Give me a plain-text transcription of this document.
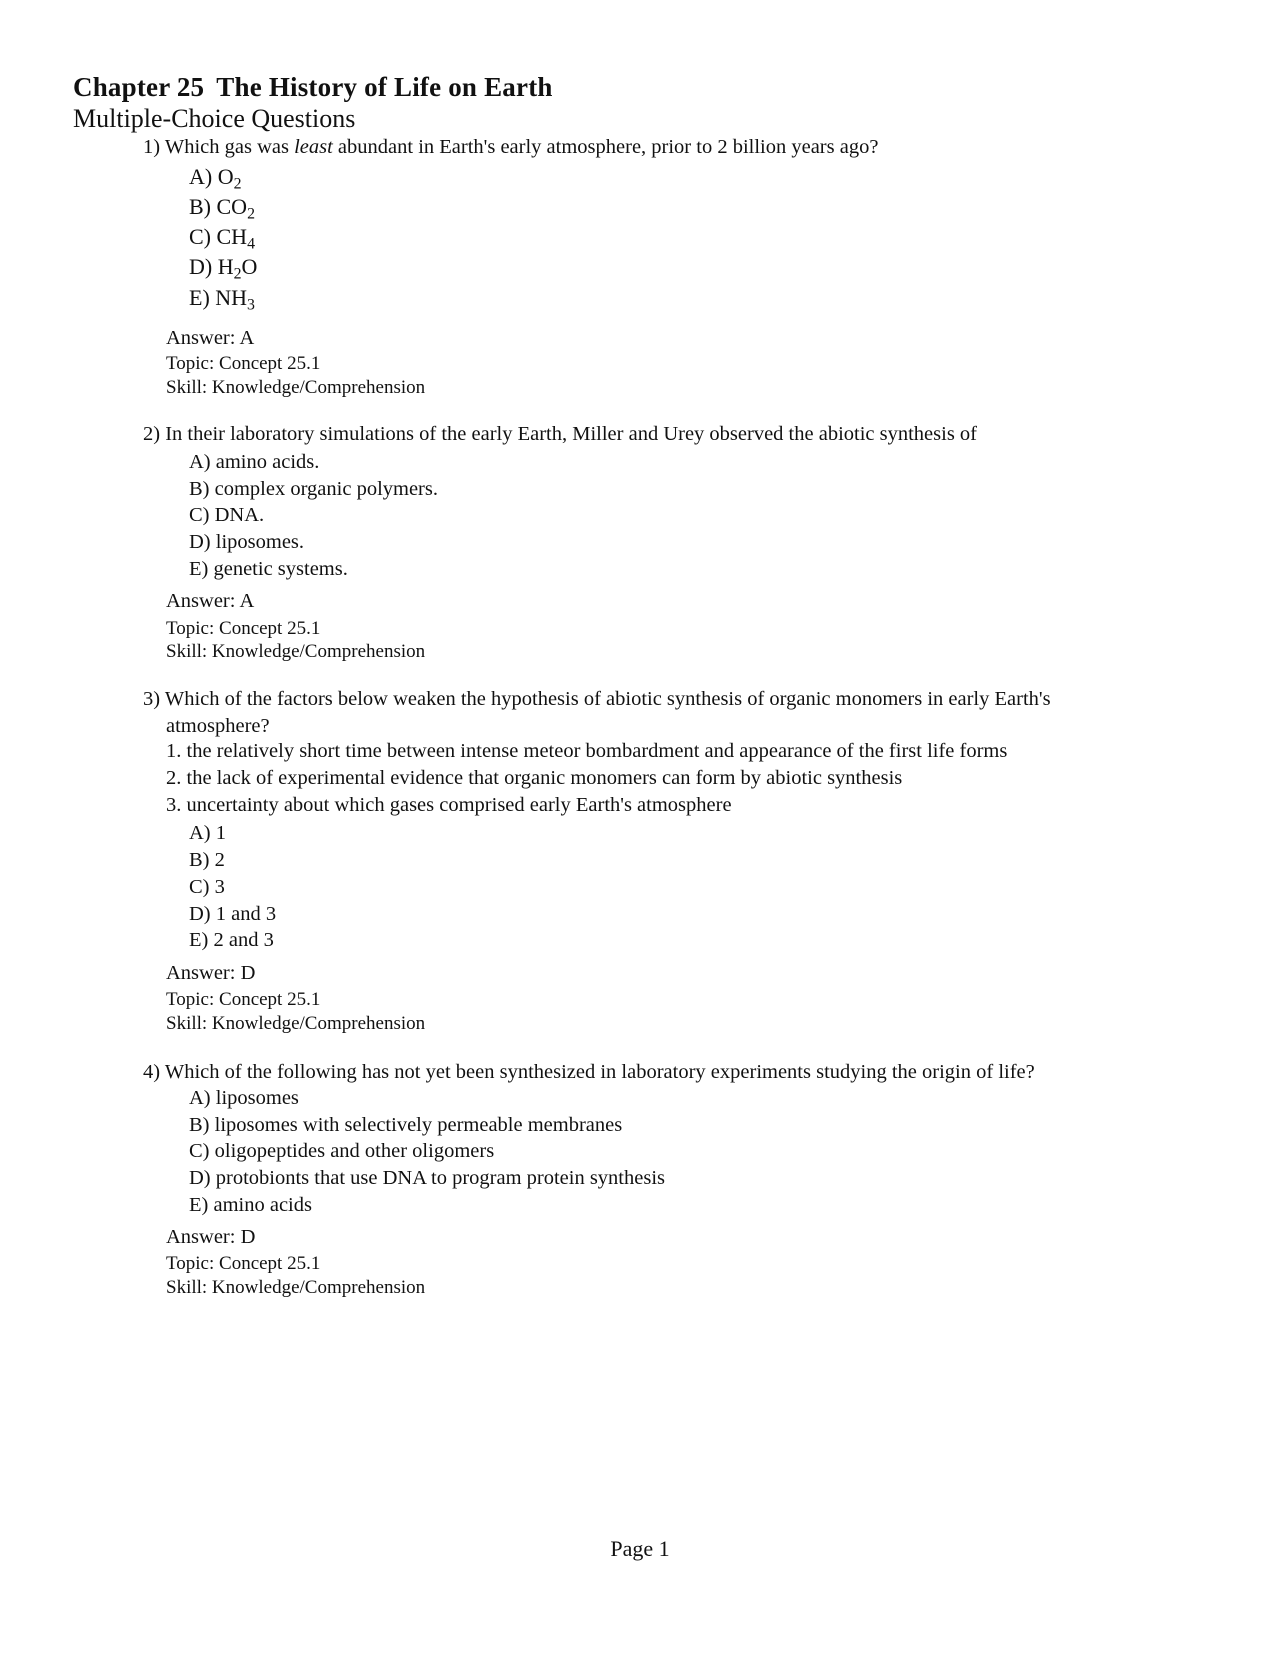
Chapter 25 The History of Life on Earth
Multiple-Choice Questions
1) Which gas was least abundant in Earth's early atmosphere, prior to 2 billion years ago?
A) $O_2$
B) $CO_2$
C) $CH_4$
D) $H_2O$
E) $NH_3$
Answer: A
Topic: Concept 25.1
Skill: Knowledge/Comprehension
2) In their laboratory simulations of the early Earth, Miller and Urey observed the abiotic synthesis of
A) amino acids.
B) complex organic polymers.
C) DNA.
D) liposomes.
E) genetic systems.
Answer: A
Topic: Concept 25.1
Skill: Knowledge/Comprehension
3) Which of the factors below weaken the hypothesis of abiotic synthesis of organic monomers in early Earth's
atmosphere?
1. the relatively short time between intense meteor bombardment and appearance of the first life forms
2. the lack of experimental evidence that organic monomers can form by abiotic synthesis
3. uncertainty about which gases comprised early Earth's atmosphere
A) 1
B) 2
C) 3
D) 1 and 3
E) 2 and 3
Answer: D
Topic: Concept 25.1
Skill: Knowledge/Comprehension
4) Which of the following has not yet been synthesized in laboratory experiments studying the origin of life?
A) liposomes
B) liposomes with selectively permeable membranes
C) oligopeptides and other oligomers
D) protobionts that use DNA to program protein synthesis
E) amino acids
Answer: D
Topic: Concept 25.1
Skill: Knowledge/Comprehension
Page 1
